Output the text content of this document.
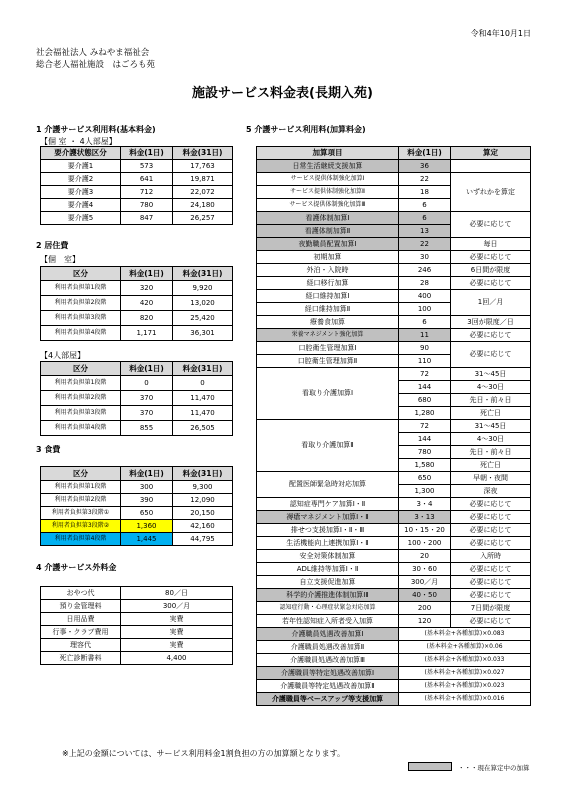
令和4年10月1日
社会福祉法人 みねやま福祉会
総合老人福祉施設　はごろも苑
施設サービス料金表(長期入苑)
1 介護サービス利用料(基本料金)
【個 室 ・ 4人部屋】
要介護状態区分	料金(1日)	料金(31日)
要介護1	573	17,763
要介護2	641	19,871
要介護3	712	22,072
要介護4	780	24,180
要介護5	847	26,257
2 居住費
【個　室】
区分	料金(1日)	料金(31日)
利用者負担第1段階	320	9,920
利用者負担第2段階	420	13,020
利用者負担第3段階	820	25,420
利用者負担第4段階	1,171	36,301
【4人部屋】
区分	料金(1日)	料金(31日)
利用者負担第1段階	0	0
利用者負担第2段階	370	11,470
利用者負担第3段階	370	11,470
利用者負担第4段階	855	26,505
3 食費
区分	料金(1日)	料金(31日)
利用者負担第1段階	300	9,300
利用者負担第2段階	390	12,090
利用者負担第3段階①	650	20,150
利用者負担第3段階②	1,360	42,160
利用者負担第4段階	1,445	44,795
4 介護サービス外料金
おやつ代	80／日
預り金管理料	300／月
日用品費	実費
行事・クラブ費用	実費
理容代	実費
死亡診断書料	4,400
5 介護サービス利用料(加算料金)
加算項目	料金(1日)	算定
日常生活継続支援加算	36	
サービス提供体制強化加算Ⅰ	22	いずれかを算定
サービス提供体制強化加算Ⅱ	18	
サービス提供体制強化加算Ⅲ	6	
看護体制加算Ⅰ	6	必要に応じて
看護体制加算Ⅱ	13	
夜勤職員配置加算Ⅰ	22	毎日
初期加算	30	必要に応じて
外泊・入院時	246	6日間が限度
経口移行加算	28	必要に応じて
経口維持加算Ⅰ	400	1回／月
経口維持加算Ⅱ	100	
療養食加算	6	3回が限度／日
栄養マネジメント強化加算	11	必要に応じて
口腔衛生管理加算Ⅰ	90	必要に応じて
口腔衛生管理加算Ⅱ	110	
看取り介護加算Ⅰ	72	31～45日
	144	4～30日
	680	先日・前々日
	1,280	死亡日
看取り介護加算Ⅱ	72	31～45日
	144	4～30日
	780	先日・前々日
	1,580	死亡日
配置医師緊急時対応加算	650	早朝・夜間
	1,300	深夜
認知症専門ケア加算Ⅰ・Ⅱ	3・4	必要に応じて
褥瘡マネジメント加算Ⅰ・Ⅱ	3・13	必要に応じて
排せつ支援加算Ⅰ・Ⅱ・Ⅲ	10・15・20	必要に応じて
生活機能向上連携加算Ⅰ・Ⅱ	100・200	必要に応じて
安全対策体制加算	20	入所時
ADL維持等加算Ⅰ・Ⅱ	30・60	必要に応じて
自立支援促進加算	300／月	必要に応じて
科学的介護推進体制加算ⅠⅡ	40・50	必要に応じて
認知症行動・心理症状緊急対応加算	200	7日間が限度
若年性認知症入所者受入加算	120	必要に応じて
介護職員処遇改善加算Ⅰ	(基本料金+各種加算)×0.083	
介護職員処遇改善加算Ⅱ	(基本料金+各種加算)×0.06	
介護職員処遇改善加算Ⅲ	(基本料金+各種加算)×0.033	
介護職員等特定処遇改善加算Ⅰ	(基本料金+各種加算)×0.027	
介護職員等特定処遇改善加算Ⅱ	(基本料金+各種加算)×0.023	
介護職員等ベースアップ等支援加算	(基本料金+各種加算)×0.016	
※上記の金額については、サービス利用料金1割負担の方の加算額となります。
・・・現在算定中の加算
